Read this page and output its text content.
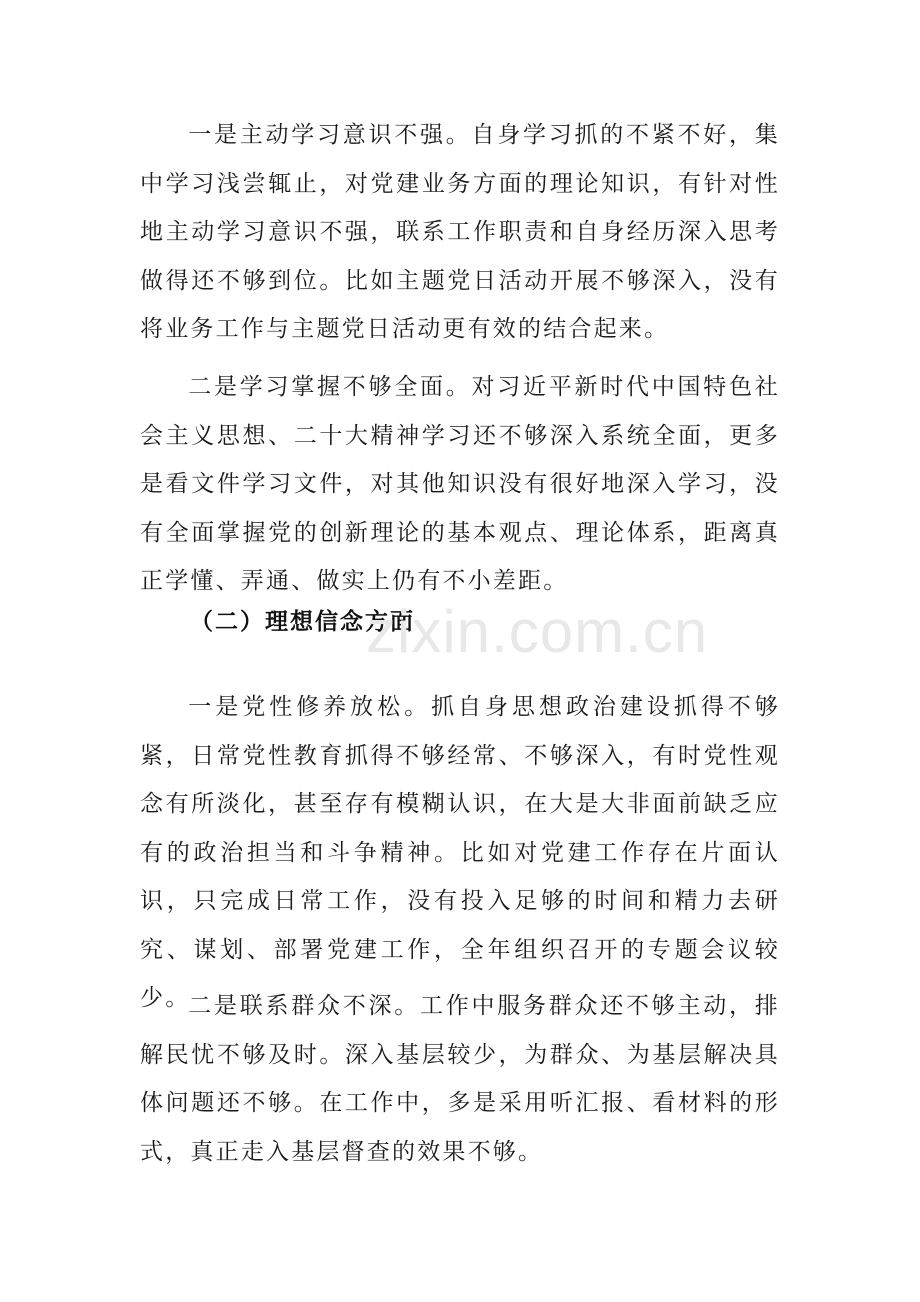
一是主动学习意识不强。自身学习抓的不紧不好，集中学习浅尝辄止，对党建业务方面的理论知识，有针对性地主动学习意识不强，联系工作职责和自身经历深入思考做得还不够到位。比如主题党日活动开展不够深入，没有将业务工作与主题党日活动更有效的结合起来。

二是学习掌握不够全面。对习近平新时代中国特色社会主义思想、二十大精神学习还不够深入系统全面，更多是看文件学习文件，对其他知识没有很好地深入学习，没有全面掌握党的创新理论的基本观点、理论体系，距离真正学懂、弄通、做实上仍有不小差距。

（二）理想信念方面

zixin.com.cn

一是党性修养放松。抓自身思想政治建设抓得不够紧，日常党性教育抓得不够经常、不够深入，有时党性观念有所淡化，甚至存有模糊认识，在大是大非面前缺乏应有的政治担当和斗争精神。比如对党建工作存在片面认识，只完成日常工作，没有投入足够的时间和精力去研究、谋划、部署党建工作，全年组织召开的专题会议较少。

二是联系群众不深。工作中服务群众还不够主动，排解民忧不够及时。深入基层较少，为群众、为基层解决具体问题还不够。在工作中，多是采用听汇报、看材料的形式，真正走入基层督查的效果不够。
